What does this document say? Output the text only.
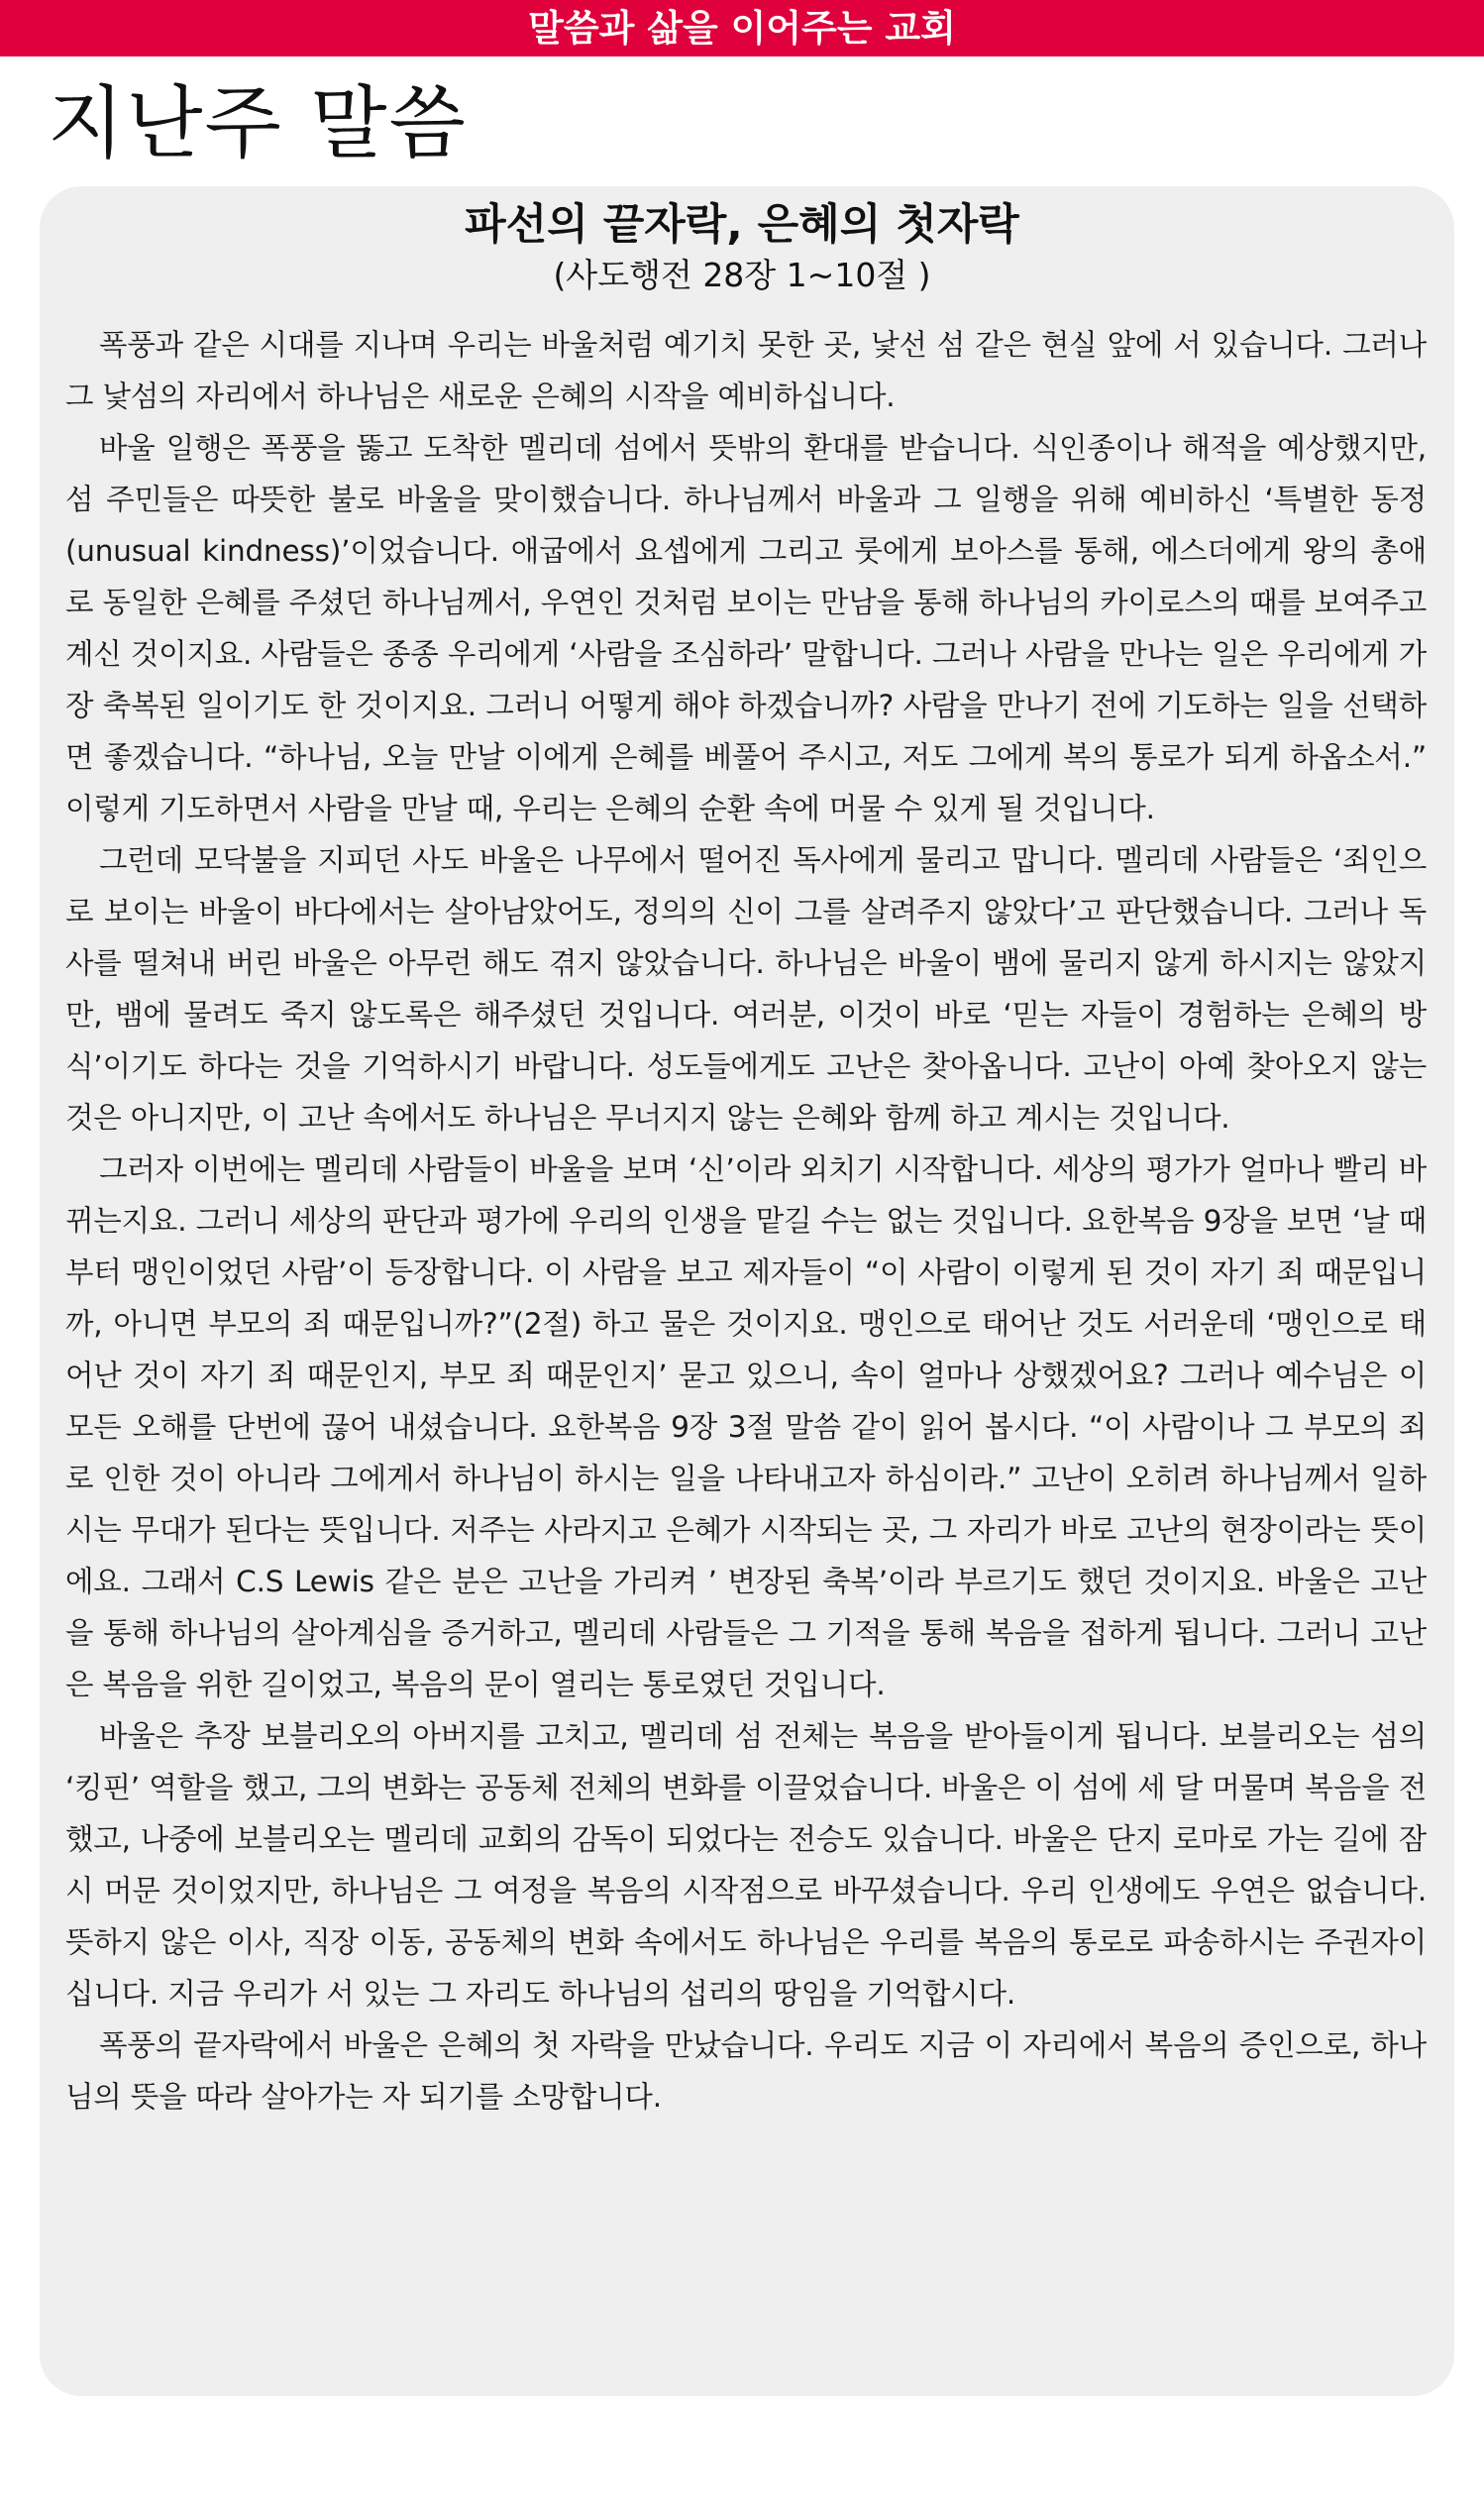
말씀과 삶을 이어주는 교회
지난주 말씀
파선의 끝자락, 은혜의 첫자락
(사도행전 28장 1~10절 )

폭풍과 같은 시대를 지나며 우리는 바울처럼 예기치 못한 곳, 낯선 섬 같은 현실 앞에 서 있습니다. 그러나 그 낯섬의 자리에서 하나님은 새로운 은혜의 시작을 예비하십니다.

바울 일행은 폭풍을 뚫고 도착한 멜리데 섬에서 뜻밖의 환대를 받습니다. 식인종이나 해적을 예상했지만, 섬 주민들은 따뜻한 불로 바울을 맞이했습니다. 하나님께서 바울과 그 일행을 위해 예비하신 ‘특별한 동정(unusual kindness)’이었습니다. 애굽에서 요셉에게 그리고 룻에게 보아스를 통해, 에스더에게 왕의 총애로 동일한 은혜를 주셨던 하나님께서, 우연인 것처럼 보이는 만남을 통해 하나님의 카이로스의 때를 보여주고 계신 것이지요. 사람들은 종종 우리에게 ‘사람을 조심하라’ 말합니다. 그러나 사람을 만나는 일은 우리에게 가장 축복된 일이기도 한 것이지요. 그러니 어떻게 해야 하겠습니까? 사람을 만나기 전에 기도하는 일을 선택하면 좋겠습니다. “하나님, 오늘 만날 이에게 은혜를 베풀어 주시고, 저도 그에게 복의 통로가 되게 하옵소서.” 이렇게 기도하면서 사람을 만날 때, 우리는 은혜의 순환 속에 머물 수 있게 될 것입니다.

그런데 모닥불을 지피던 사도 바울은 나무에서 떨어진 독사에게 물리고 맙니다. 멜리데 사람들은 ‘죄인으로 보이는 바울이 바다에서는 살아남았어도, 정의의 신이 그를 살려주지 않았다’고 판단했습니다. 그러나 독사를 떨쳐내 버린 바울은 아무런 해도 겪지 않았습니다. 하나님은 바울이 뱀에 물리지 않게 하시지는 않았지만, 뱀에 물려도 죽지 않도록은 해주셨던 것입니다. 여러분, 이것이 바로 ‘믿는 자들이 경험하는 은혜의 방식’이기도 하다는 것을 기억하시기 바랍니다. 성도들에게도 고난은 찾아옵니다. 고난이 아예 찾아오지 않는 것은 아니지만, 이 고난 속에서도 하나님은 무너지지 않는 은혜와 함께 하고 계시는 것입니다.

그러자 이번에는 멜리데 사람들이 바울을 보며 ‘신’이라 외치기 시작합니다. 세상의 평가가 얼마나 빨리 바뀌는지요. 그러니 세상의 판단과 평가에 우리의 인생을 맡길 수는 없는 것입니다. 요한복음 9장을 보면 ‘날 때부터 맹인이었던 사람’이 등장합니다. 이 사람을 보고 제자들이 “이 사람이 이렇게 된 것이 자기 죄 때문입니까, 아니면 부모의 죄 때문입니까?”(2절) 하고 물은 것이지요. 맹인으로 태어난 것도 서러운데 ‘맹인으로 태어난 것이 자기 죄 때문인지, 부모 죄 때문인지’ 묻고 있으니, 속이 얼마나 상했겠어요? 그러나 예수님은 이 모든 오해를 단번에 끊어 내셨습니다. 요한복음 9장 3절 말씀 같이 읽어 봅시다. “이 사람이나 그 부모의 죄로 인한 것이 아니라 그에게서 하나님이 하시는 일을 나타내고자 하심이라.” 고난이 오히려 하나님께서 일하시는 무대가 된다는 뜻입니다. 저주는 사라지고 은혜가 시작되는 곳, 그 자리가 바로 고난의 현장이라는 뜻이에요. 그래서 C.S Lewis 같은 분은 고난을 가리켜 ’ 변장된 축복’이라 부르기도 했던 것이지요. 바울은 고난을 통해 하나님의 살아계심을 증거하고, 멜리데 사람들은 그 기적을 통해 복음을 접하게 됩니다. 그러니 고난은 복음을 위한 길이었고, 복음의 문이 열리는 통로였던 것입니다.

바울은 추장 보블리오의 아버지를 고치고, 멜리데 섬 전체는 복음을 받아들이게 됩니다. 보블리오는 섬의 ‘킹핀’ 역할을 했고, 그의 변화는 공동체 전체의 변화를 이끌었습니다. 바울은 이 섬에 세 달 머물며 복음을 전했고, 나중에 보블리오는 멜리데 교회의 감독이 되었다는 전승도 있습니다. 바울은 단지 로마로 가는 길에 잠시 머문 것이었지만, 하나님은 그 여정을 복음의 시작점으로 바꾸셨습니다. 우리 인생에도 우연은 없습니다. 뜻하지 않은 이사, 직장 이동, 공동체의 변화 속에서도 하나님은 우리를 복음의 통로로 파송하시는 주권자이십니다. 지금 우리가 서 있는 그 자리도 하나님의 섭리의 땅임을 기억합시다.

폭풍의 끝자락에서 바울은 은혜의 첫 자락을 만났습니다. 우리도 지금 이 자리에서 복음의 증인으로, 하나님의 뜻을 따라 살아가는 자 되기를 소망합니다.
